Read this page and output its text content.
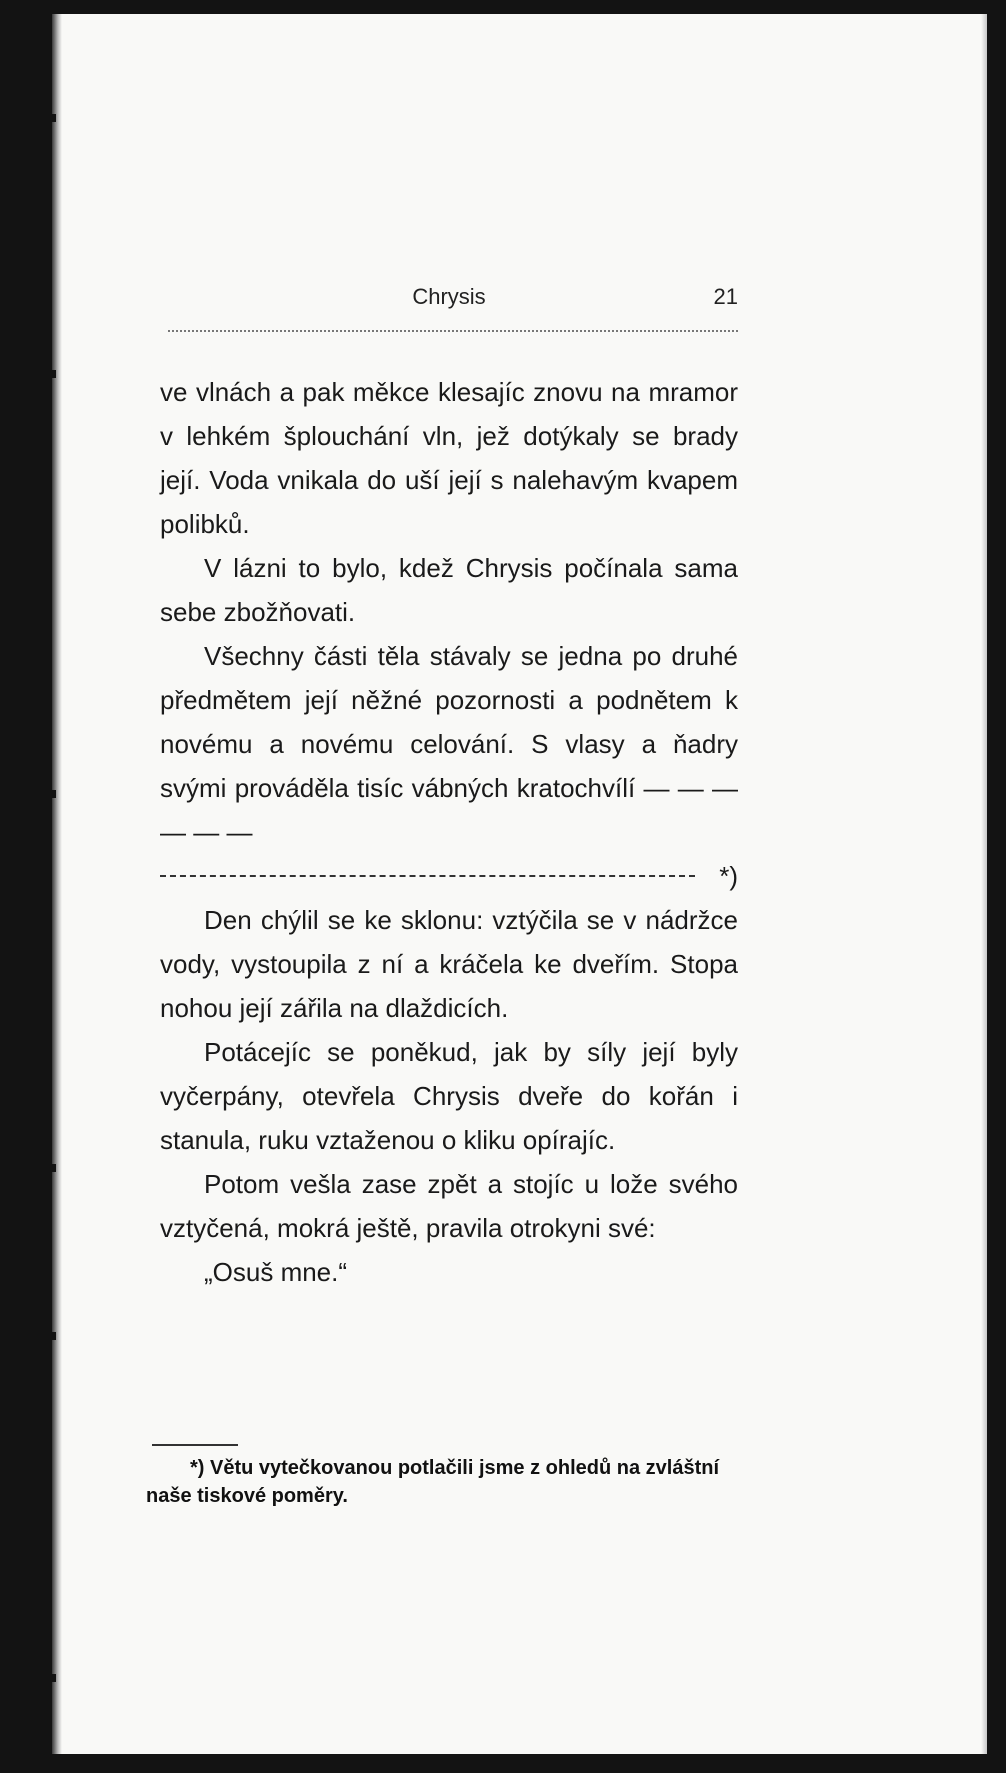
Chrysis	21

ve vlnách a pak měkce klesajíc znovu na mramor v lehkém šplouchání vln, jež dotýkaly se brady její. Voda vnikala do uší její s nalehavým kvapem polibků.

V lázni to bylo, kdež Chrysis počínala sama sebe zbožňovati.

Všechny části těla stávaly se jedna po druhé předmětem její něžné pozornosti a podnětem k novému a novému celování. S vlasy a ňadry svými prováděla tisíc vábných kratochvílí — — — — — —

*)

Den chýlil se ke sklonu: vztýčila se v nádržce vody, vystoupila z ní a kráčela ke dveřím. Stopa nohou její zářila na dlaždicích.

Potácejíc se poněkud, jak by síly její byly vyčerpány, otevřela Chrysis dveře do kořán i stanula, ruku vztaženou o kliku opírajíc.

Potom vešla zase zpět a stojíc u lože svého vztyčená, mokrá ještě, pravila otrokyni své:

„Osuš mne.“

*) Větu vytečkovanou potlačili jsme z ohledů na zvláštní naše tiskové poměry.
